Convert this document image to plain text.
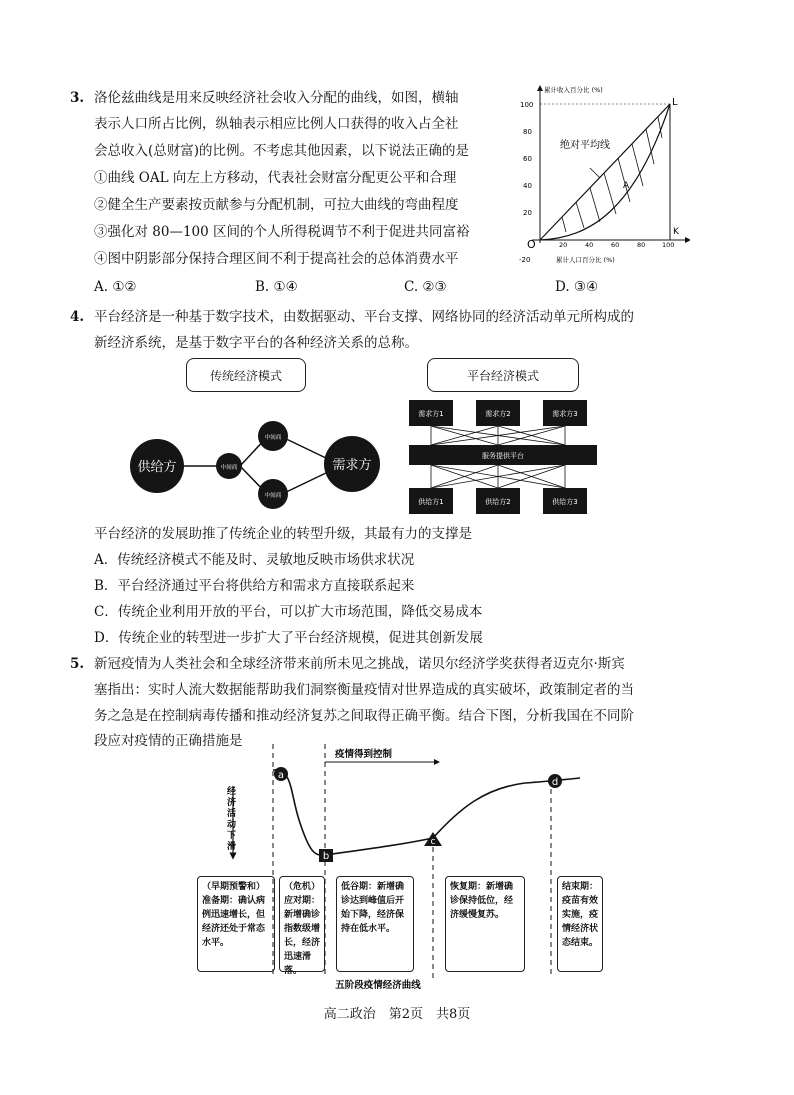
3. 洛伦兹曲线是用来反映经济社会收入分配的曲线，如图，横轴
表示人口所占比例，纵轴表示相应比例人口获得的收入占全社
会总收入(总财富)的比例。不考虑其他因素，以下说法正确的是
①曲线 OAL 向左上方移动，代表社会财富分配更公平和合理
②健全生产要素按贡献参与分配机制，可拉大曲线的弯曲程度
③强化对 80—100 区间的个人所得税调节不利于促进共同富裕
④图中阴影部分保持合理区间不利于提高社会的总体消费水平
A. ①②	B. ①④	C. ②③	D. ③④
累计收入百分比 (%)
绝对平均线
A
L
K
O
100
80
60
40
20
-20
20	40	60	80	100
累计人口百分比 (%)
4. 平台经济是一种基于数字技术，由数据驱动、平台支撑、网络协同的经济活动单元所构成的
新经济系统，是基于数字平台的各种经济关系的总称。
传统经济模式
供给方	需求方
中间商
中间商
中间商
平台经济模式
需求方1	需求方2	需求方3
服务提供平台
供给方1	供给方2	供给方3
平台经济的发展助推了传统企业的转型升级，其最有力的支撑是
A．传统经济模式不能及时、灵敏地反映市场供求状况
B．平台经济通过平台将供给方和需求方直接联系起来
C．传统企业利用开放的平台，可以扩大市场范围，降低交易成本
D．传统企业的转型进一步扩大了平台经济规模，促进其创新发展
5. 新冠疫情为人类社会和全球经济带来前所未见之挑战，诺贝尔经济学奖获得者迈克尔·斯宾
塞指出：实时人流大数据能帮助我们洞察衡量疫情对世界造成的真实破坏，政策制定者的当
务之急是在控制病毒传播和推动经济复苏之间取得正确平衡。结合下图，分析我国在不同阶
段应对疫情的正确措施是
疫情得到控制
经
济
活
动
下
滑
a
b
c
d
五阶段疫情经济曲线
（早期预警和）准备期：确认病例迅速增长，但经济还处于常态水平。
（危机）应对期：新增确诊指数级增长，经济迅速滑落。
低谷期：新增确诊达到峰值后开始下降，经济保持在低水平。
恢复期：新增确诊保持低位，经济缓慢复苏。
结束期：疫苗有效实施，疫情经济状态结束。
高二政治　第2页　共8页
